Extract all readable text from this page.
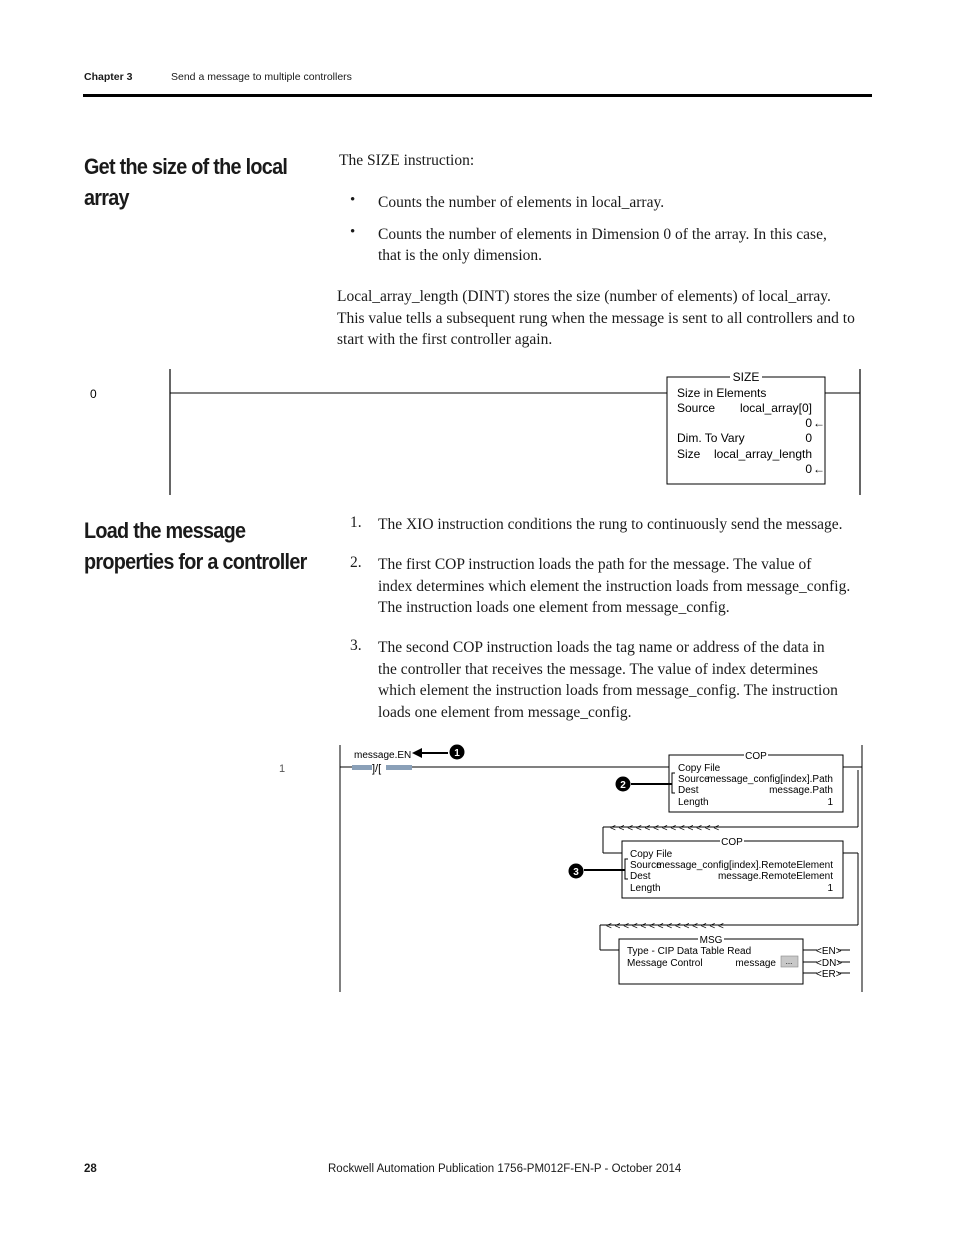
Chapter 3	Send a message to multiple controllers
Get the size of the local
array
The SIZE instruction:
• Counts the number of elements in local_array.
• Counts the number of elements in Dimension 0 of the array. In this case,
that is the only dimension.
Local_array_length (DINT) stores the size (number of elements) of local_array.
This value tells a subsequent rung when the message is sent to all controllers and to
start with the first controller again.
0
SIZE
Size in Elements
Source local_array[0]
0 ←
Dim. To Vary	0
Size local_array_length
0 ←
Load the message
properties for a controller
1. The XIO instruction conditions the rung to continuously send the message.
2. The first COP instruction loads the path for the message. The value of
index determines which element the instruction loads from message_config.
The instruction loads one element from message_config.
3. The second COP instruction loads the tag name or address of the data in
the controller that receives the message. The value of index determines
which element the instruction loads from message_config. The instruction
loads one element from message_config.
1
message.EN
]/[
1	COP
Copy File
Source
message_config[index].Path
Dest	message.Path
Length	1
2
< < < < < < < < < < < < <
COP
Copy File
Source
message_config[index].RemoteElement
Dest	message.RemoteElement
Length	1
3
< < < < < < < < < < < < < <
MSG
Type - CIP Data Table Read
Message Control	message ...
<EN>
<DN>
<ER>
28	Rockwell Automation Publication 1756-PM012F-EN-P - October 2014
